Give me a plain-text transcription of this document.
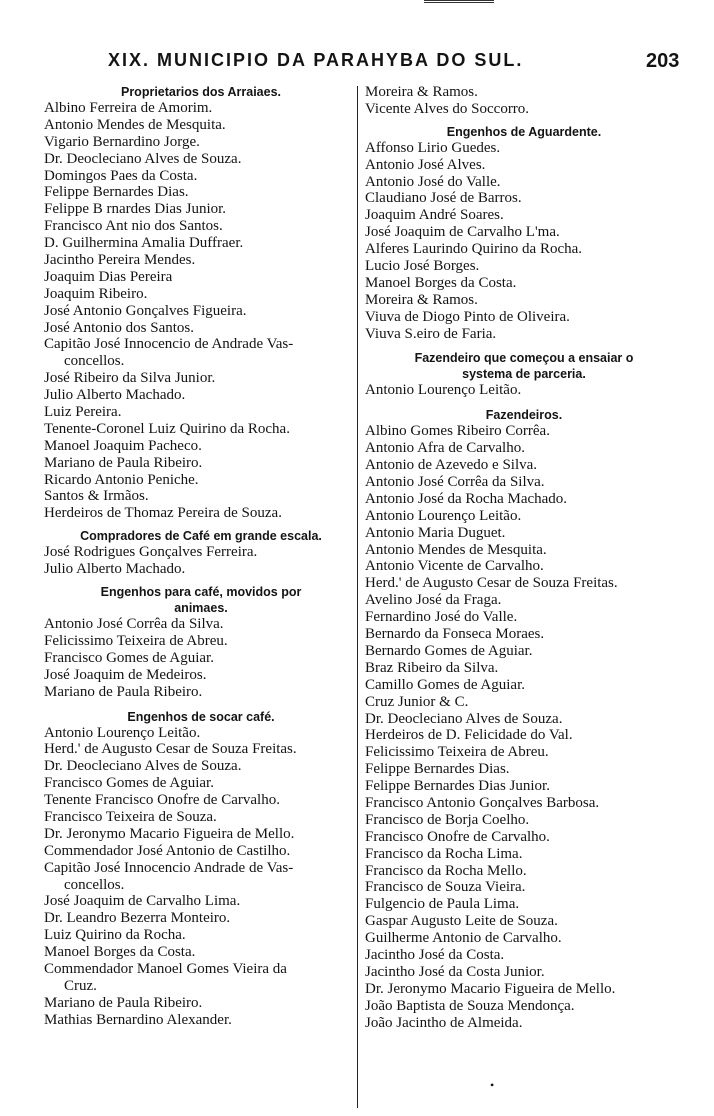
XIX. MUNICIPIO DA PARAHYBA DO SUL.	203
Proprietarios dos Arraiaes.
Albino Ferreira de Amorim.
Antonio Mendes de Mesquita.
Vigario Bernardino Jorge.
Dr. Deocleciano Alves de Souza.
Domingos Paes da Costa.
Felippe Bernardes Dias.
Felippe B rnardes Dias Junior.
Francisco Ant nio dos Santos.
D. Guilhermina Amalia Duffraer.
Jacintho Pereira Mendes.
Joaquim Dias Pereira
Joaquim Ribeiro.
José Antonio Gonçalves Figueira.
José Antonio dos Santos.
Capitão José Innocencio de Andrade Vas-
concellos.
José Ribeiro da Silva Junior.
Julio Alberto Machado.
Luiz Pereira.
Tenente-Coronel Luiz Quirino da Rocha.
Manoel Joaquim Pacheco.
Mariano de Paula Ribeiro.
Ricardo Antonio Peniche.
Santos & Irmãos.
Herdeiros de Thomaz Pereira de Souza.
Compradores de Café em grande escala.
José Rodrigues Gonçalves Ferreira.
Julio Alberto Machado.
Engenhos para café, movidos por
animaes.
Antonio José Corrêa da Silva.
Felicissimo Teixeira de Abreu.
Francisco Gomes de Aguiar.
José Joaquim de Medeiros.
Mariano de Paula Ribeiro.
Engenhos de socar café.
Antonio Lourenço Leitão.
Herd.' de Augusto Cesar de Souza Freitas.
Dr. Deocleciano Alves de Souza.
Francisco Gomes de Aguiar.
Tenente Francisco Onofre de Carvalho.
Francisco Teixeira de Souza.
Dr. Jeronymo Macario Figueira de Mello.
Commendador José Antonio de Castilho.
Capitão José Innocencio Andrade de Vas-
concellos.
José Joaquim de Carvalho Lima.
Dr. Leandro Bezerra Monteiro.
Luiz Quirino da Rocha.
Manoel Borges da Costa.
Commendador Manoel Gomes Vieira da
Cruz.
Mariano de Paula Ribeiro.
Mathias Bernardino Alexander.
Moreira & Ramos.
Vicente Alves do Soccorro.
Engenhos de Aguardente.
Affonso Lirio Guedes.
Antonio José Alves.
Antonio José do Valle.
Claudiano José de Barros.
Joaquim André Soares.
José Joaquim de Carvalho L'ma.
Alferes Laurindo Quirino da Rocha.
Lucio José Borges.
Manoel Borges da Costa.
Moreira & Ramos.
Viuva de Diogo Pinto de Oliveira.
Viuva S.eiro de Faria.
Fazendeiro que começou a ensaiar o
systema de parceria.
Antonio Lourenço Leitão.
Fazendeiros.
Albino Gomes Ribeiro Corrêa.
Antonio Afra de Carvalho.
Antonio de Azevedo e Silva.
Antonio José Corrêa da Silva.
Antonio José da Rocha Machado.
Antonio Lourenço Leitão.
Antonio Maria Duguet.
Antonio Mendes de Mesquita.
Antonio Vicente de Carvalho.
Herd.' de Augusto Cesar de Souza Freitas.
Avelino José da Fraga.
Fernardino José do Valle.
Bernardo da Fonseca Moraes.
Bernardo Gomes de Aguiar.
Braz Ribeiro da Silva.
Camillo Gomes de Aguiar.
Cruz Junior & C.
Dr. Deocleciano Alves de Souza.
Herdeiros de D. Felicidade do Val.
Felicissimo Teixeira de Abreu.
Felippe Bernardes Dias.
Felippe Bernardes Dias Junior.
Francisco Antonio Gonçalves Barbosa.
Francisco de Borja Coelho.
Francisco Onofre de Carvalho.
Francisco da Rocha Lima.
Francisco da Rocha Mello.
Francisco de Souza Vieira.
Fulgencio de Paula Lima.
Gaspar Augusto Leite de Souza.
Guilherme Antonio de Carvalho.
Jacintho José da Costa.
Jacintho José da Costa Junior.
Dr. Jeronymo Macario Figueira de Mello.
João Baptista de Souza Mendonça.
João Jacintho de Almeida.
•
